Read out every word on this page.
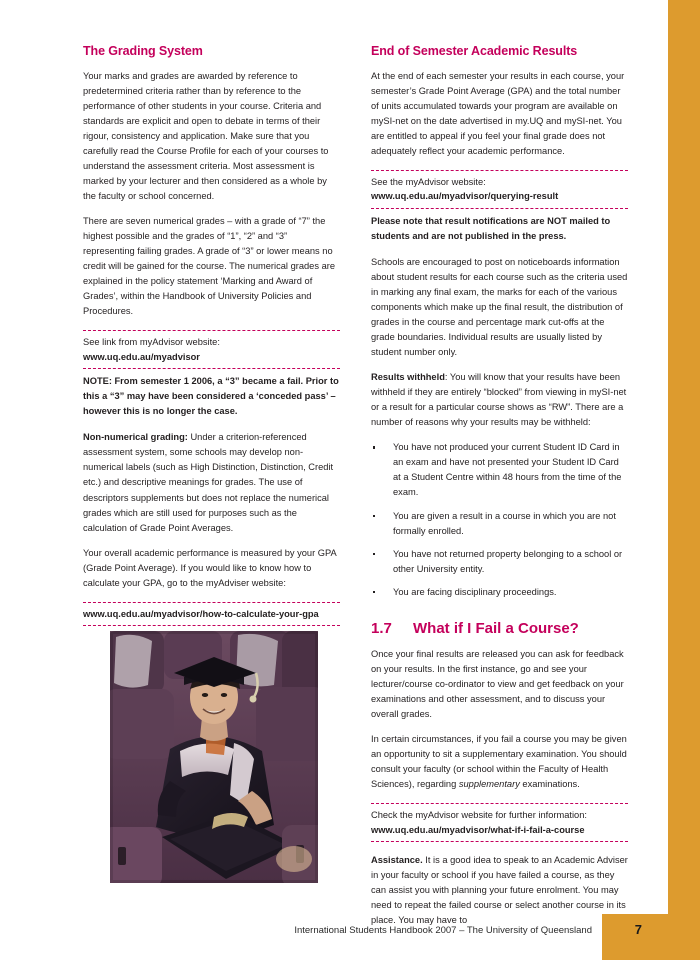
7
International Students Handbook 2007 – The University of Queensland
The Grading System

Your marks and grades are awarded by reference to predetermined criteria rather than by reference to the performance of other students in your course. Criteria and standards are explicit and open to debate in terms of their rigour, consistency and application. Make sure that you carefully read the Course Profile for each of your courses to understand the assessment criteria. Most assessment is marked by your lecturer and then considered as a whole by the faculty or school concerned.

There are seven numerical grades – with a grade of “7” the highest possible and the grades of “1”, “2” and “3” representing failing grades. A grade of “3” or lower means no credit will be gained for the course. The numerical grades are explained in the policy statement ‘Marking and Award of Grades’, within the Handbook of University Policies and Procedures.

See link from myAdvisor website:

www.uq.edu.au/myadvisor

NOTE: From semester 1 2006, a “3” became a fail. Prior to this a “3” may have been considered a ‘conceded pass’ – however this is no longer the case.

Non-numerical grading: Under a criterion-referenced assessment system, some schools may develop non-numerical labels (such as High Distinction, Distinction, Credit etc.) and descriptive meanings for grades. The use of descriptors supplements but does not replace the numerical grades which are still used for purposes such as the calculation of Grade Point Averages.

Your overall academic performance is measured by your GPA (Grade Point Average). If you would like to know how to calculate your GPA, go to the myAdviser website:

www.uq.edu.au/myadvisor/how-to-calculate-your-gpa

End of Semester Academic Results

At the end of each semester your results in each course, your semester’s Grade Point Average (GPA) and the total number of units accumulated towards your program are available on mySI-net on the date advertised in my.UQ and mySI-net. You are entitled to appeal if you feel your final grade does not adequately reflect your academic performance.

See the myAdvisor website:

www.uq.edu.au/myadvisor/querying-result

Please note that result notifications are NOT mailed to students and are not published in the press.

Schools are encouraged to post on noticeboards information about student results for each course such as the criteria used in marking any final exam, the marks for each of the various components which make up the final result, the distribution of grades in the course and percentage mark cut-offs at the grade boundaries. Individual results are usually listed by student number only.

Results withheld: You will know that your results have been withheld if they are entirely “blocked” from viewing in mySI-net or a result for a particular course shows as “RW”. There are a number of reasons why your results may be withheld:

You have not produced your current Student ID Card in an exam and have not presented your Student ID Card at a Student Centre within 48 hours from the time of the exam.
You are given a result in a course in which you are not formally enrolled.
You have not returned property belonging to a school or other University entity.
You are facing disciplinary proceedings.
1.7	What if I Fail a Course?

Once your final results are released you can ask for feedback on your results. In the first instance, go and see your lecturer/course co-ordinator to view and get feedback on your examinations and other assessment, and to discuss your overall grades.

In certain circumstances, if you fail a course you may be given an opportunity to sit a supplementary examination. You should consult your faculty (or school within the Faculty of Health Sciences), regarding supplementary examinations.

Check the myAdvisor website for further information:

www.uq.edu.au/myadvisor/what-if-i-fail-a-course

Assistance. It is a good idea to speak to an Academic Adviser in your faculty or school if you have failed a course, as they can assist you with planning your future enrolment. You may need to repeat the failed course or select another course in its place. You may have to
